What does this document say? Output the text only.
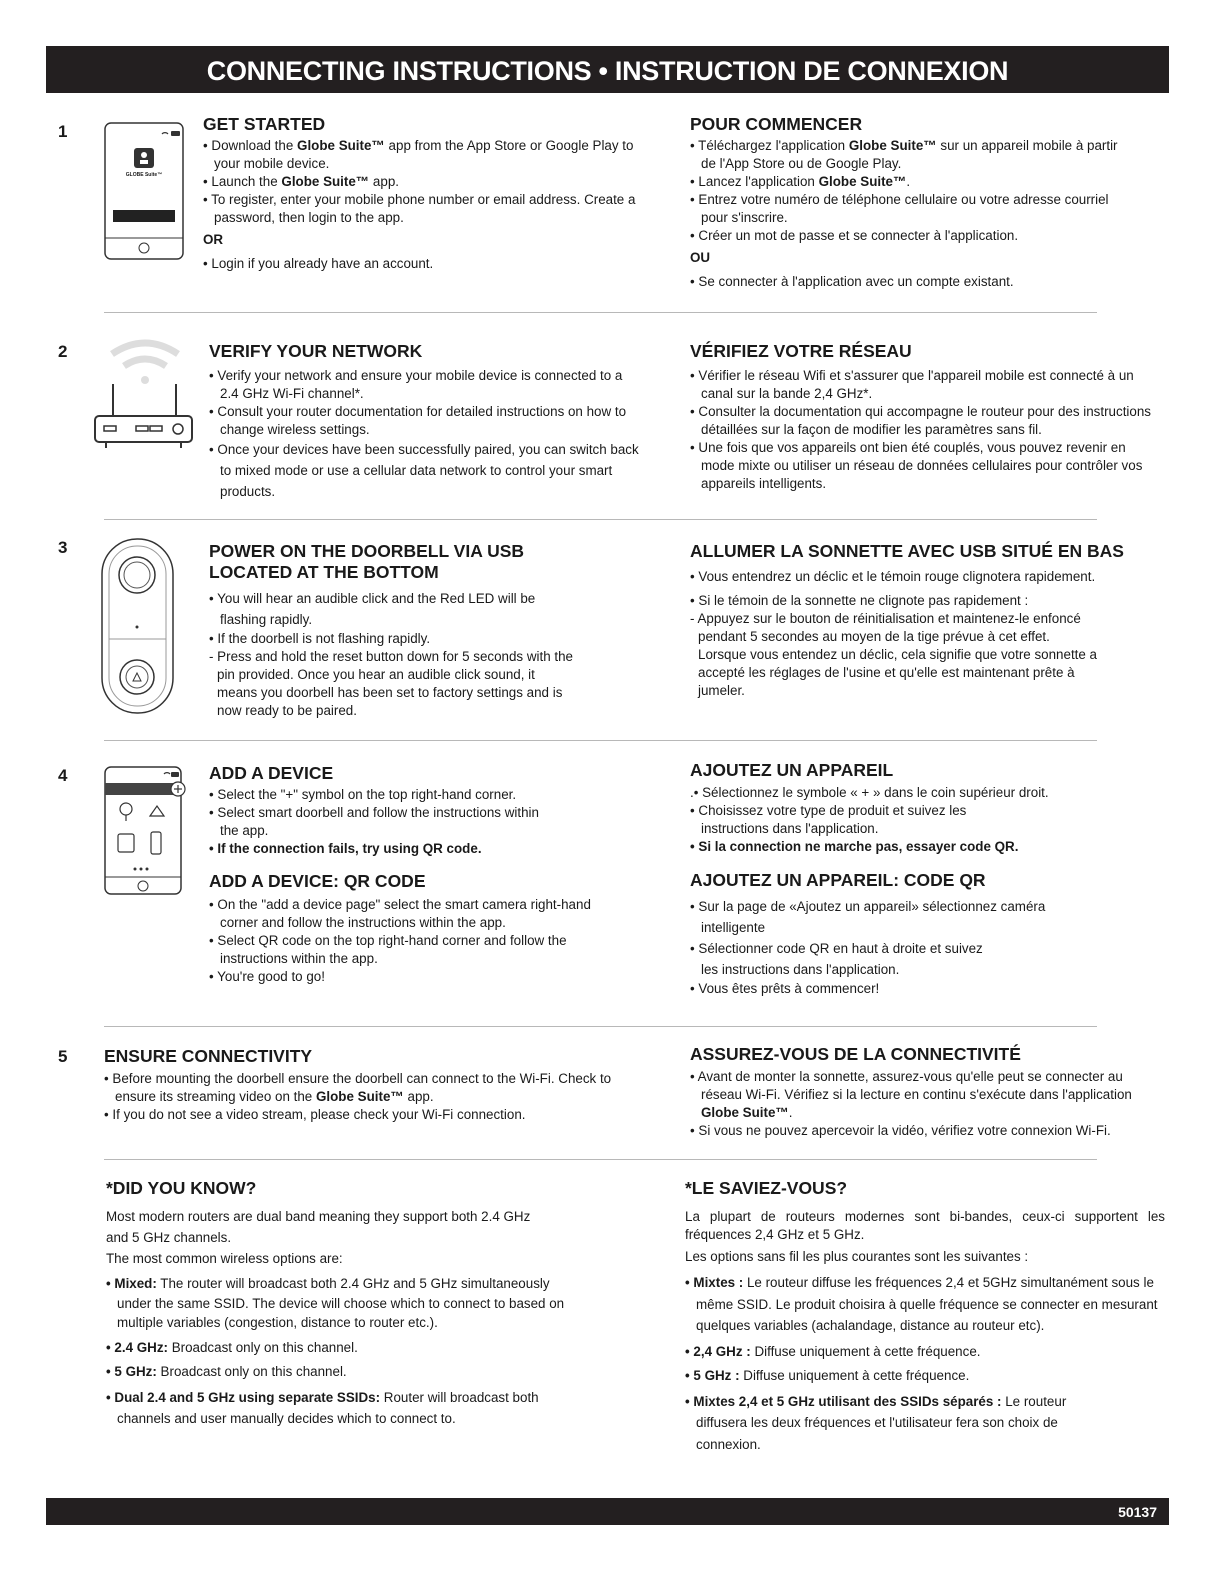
CONNECTING INSTRUCTIONS • INSTRUCTION DE CONNEXION
1
GLOBE Suite™
GET STARTED

• Download the Globe Suite™ app from the App Store or Google Play to your mobile device.

• Launch the Globe Suite™ app.

• To register, enter your mobile phone number or email address. Create a password, then login to the app.

OR

• Login if you already have an account.

POUR COMMENCER

• Téléchargez l'application Globe Suite™ sur un appareil mobile à partir de l'App Store ou de Google Play.

• Lancez l'application Globe Suite™.

• Entrez votre numéro de téléphone cellulaire ou votre adresse courriel pour s'inscrire.

• Créer un mot de passe et se connecter à l'application.

OU

• Se connecter à l'application avec un compte existant.

2	VERIFY YOUR NETWORK

• Verify your network and ensure your mobile device is connected to a 2.4 GHz Wi-Fi channel*.

• Consult your router documentation for detailed instructions on how to change wireless settings.

• Once your devices have been successfully paired, you can switch back to mixed mode or use a cellular data network to control your smart products.

VÉRIFIEZ VOTRE RÉSEAU

• Vérifier le réseau Wifi et s'assurer que l'appareil mobile est connecté à un canal sur la bande 2,4 GHz*.

• Consulter la documentation qui accompagne le routeur pour des instructions détaillées sur la façon de modifier les paramètres sans fil.

• Une fois que vos appareils ont bien été couplés, vous pouvez revenir en mode mixte ou utiliser un réseau de données cellulaires pour contrôler vos appareils intelligents.

3	POWER ON THE DOORBELL VIA USB LOCATED AT THE BOTTOM

• You will hear an audible click and the Red LED will be flashing rapidly.

• If the doorbell is not flashing rapidly.

- Press and hold the reset button down for 5 seconds with the pin provided. Once you hear an audible click sound, it means you doorbell has been set to factory settings and is now ready to be paired.

ALLUMER LA SONNETTE AVEC USB SITUÉ EN BAS

• Vous entendrez un déclic et le témoin rouge clignotera rapidement.

• Si le témoin de la sonnette ne clignote pas rapidement :

- Appuyez sur le bouton de réinitialisation et maintenez-le enfoncé pendant 5 secondes au moyen de la tige prévue à cet effet. Lorsque vous entendez un déclic, cela signifie que votre sonnette a accepté les réglages de l'usine et qu'elle est maintenant prête à jumeler.

4	ADD A DEVICE

• Select the "+" symbol on the top right-hand corner.

• Select smart doorbell and follow the instructions within the app.

• If the connection fails, try using QR code.

ADD A DEVICE: QR CODE

• On the "add a device page" select the smart camera right-hand corner and follow the instructions within the app.

• Select QR code on the top right-hand corner and follow the instructions within the app.

• You're good to go!

AJOUTEZ UN APPAREIL

.• Sélectionnez le symbole « + » dans le coin supérieur droit.

• Choisissez votre type de produit et suivez les instructions dans l'application.

• Si la connection ne marche pas, essayer code QR.

AJOUTEZ UN APPAREIL: CODE QR

• Sur la page de «Ajoutez un appareil» sélectionnez caméra intelligente

• Sélectionner code QR en haut à droite et suivez les instructions dans l'application.

• Vous êtes prêts à commencer!

5	ENSURE CONNECTIVITY

• Before mounting the doorbell ensure the doorbell can connect to the Wi-Fi. Check to ensure its streaming video on the Globe Suite™ app.

• If you do not see a video stream, please check your Wi-Fi connection.

ASSUREZ-VOUS DE LA CONNECTIVITÉ

• Avant de monter la sonnette, assurez-vous qu'elle peut se connecter au réseau Wi-Fi. Vérifiez si la lecture en continu s'exécute dans l'application Globe Suite™.

• Si vous ne pouvez apercevoir la vidéo, vérifiez votre connexion Wi-Fi.

*DID YOU KNOW?

Most modern routers are dual band meaning they support both 2.4 GHz and 5 GHz channels.

The most common wireless options are:

• Mixed: The router will broadcast both 2.4 GHz and 5 GHz simultaneously under the same SSID. The device will choose which to connect to based on multiple variables (congestion, distance to router etc.).

• 2.4 GHz: Broadcast only on this channel.

• 5 GHz: Broadcast only on this channel.

• Dual 2.4 and 5 GHz using separate SSIDs: Router will broadcast both channels and user manually decides which to connect to.

*LE SAVIEZ-VOUS?

La plupart de routeurs modernes sont bi-bandes, ceux-ci supportent les fréquences 2,4 GHz et 5 GHz.

Les options sans fil les plus courantes sont les suivantes :

• Mixtes : Le routeur diffuse les fréquences 2,4 et 5GHz simultanément sous le même SSID. Le produit choisira à quelle fréquence se connecter en mesurant quelques variables (achalandage, distance au routeur etc).

• 2,4 GHz : Diffuse uniquement à cette fréquence.

• 5 GHz : Diffuse uniquement à cette fréquence.

• Mixtes 2,4 et 5 GHz utilisant des SSIDs séparés : Le routeur diffusera les deux fréquences et l'utilisateur fera son choix de connexion.

50137
